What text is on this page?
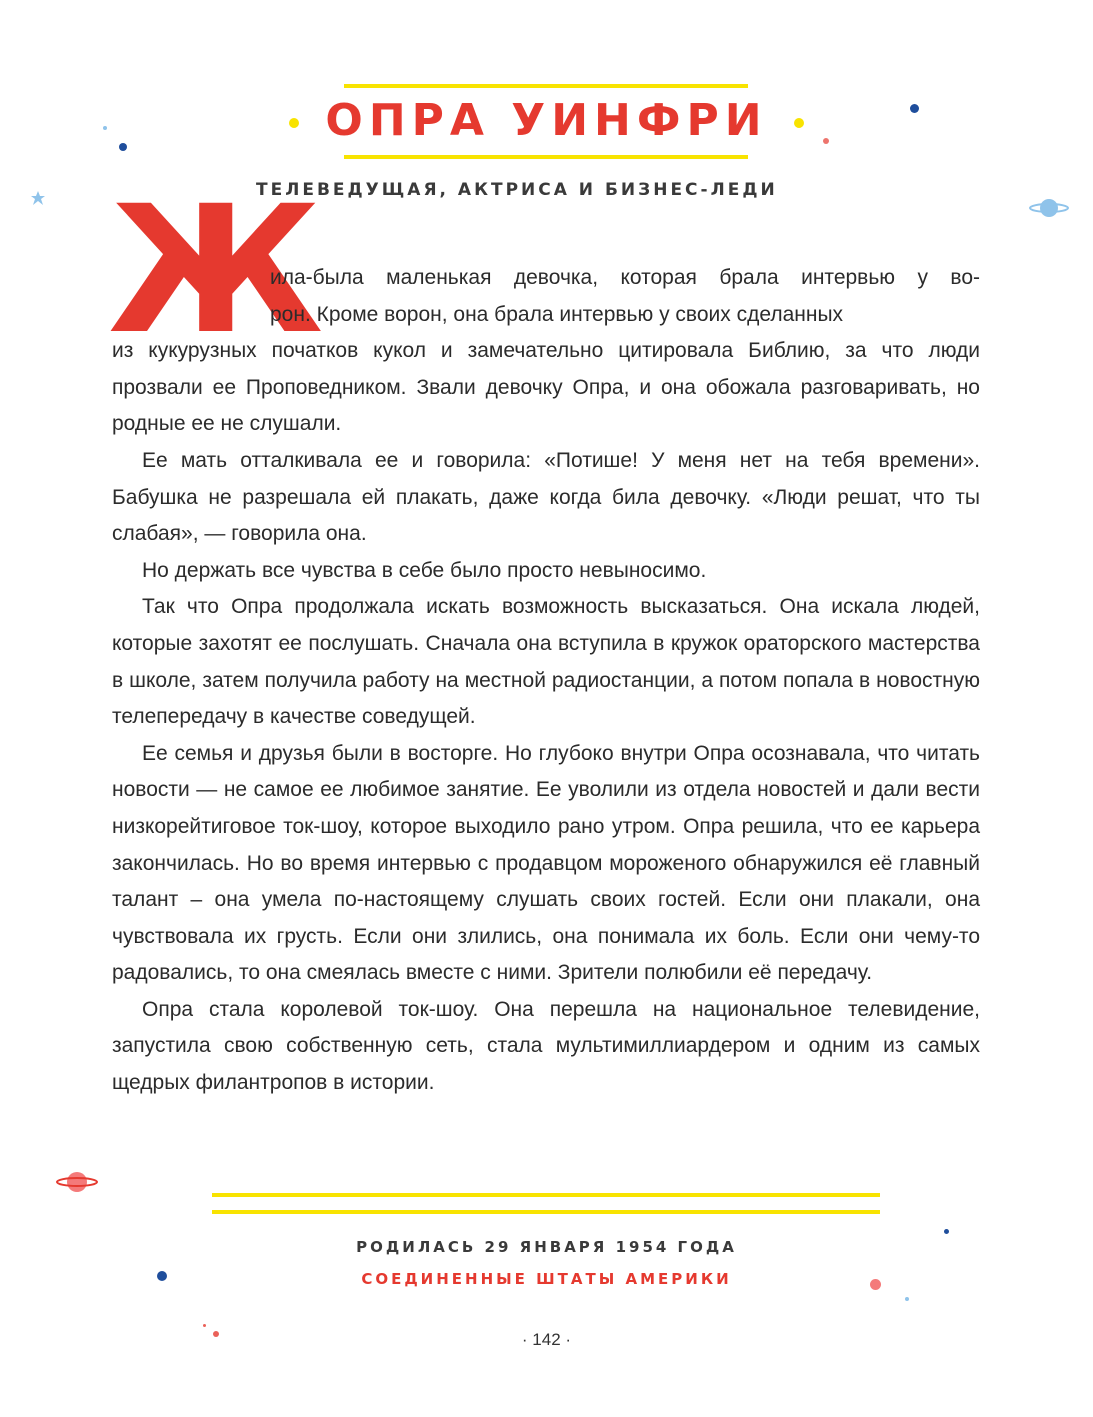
ОПРА УИНФРИ
ТЕЛЕВЕДУЩАЯ, АКТРИСА И БИЗНЕС-ЛЕДИ
Ж
ила-была маленькая девочка, которая брала интервью у во-
рон. Кроме ворон, она брала интервью у своих сделанных

из кукурузных початков кукол и замечательно цитировала Библию, за что люди прозвали ее Проповедником. Звали девочку Опра, и она обожала разговаривать, но родные ее не слушали.

Ее мать отталкивала ее и говорила: «Потише! У меня нет на тебя времени». Бабушка не разрешала ей плакать, даже когда била девочку. «Люди решат, что ты слабая», — говорила она.

Но держать все чувства в себе было просто невыносимо.

Так что Опра продолжала искать возможность высказаться. Она искала людей, которые захотят ее послушать. Сначала она вступила в кружок ораторского мастерства в школе, затем получила работу на местной радиостанции, а потом попала в новостную телепередачу в качестве соведущей.

Ее семья и друзья были в восторге. Но глубоко внутри Опра осознавала, что читать новости — не самое ее любимое занятие. Ее уволили из отдела новостей и дали вести низкорейтиговое ток-шоу, которое выходило рано утром. Опра решила, что ее карьера закончилась. Но во время интервью с продавцом мороженого обнаружился её главный талант – она умела по-настоящему слушать своих гостей. Если они плакали, она чувствовала их грусть. Если они злились, она понимала их боль. Если они чему-то радовались, то она смеялась вместе с ними. Зрители полюбили её передачу.

Опра стала королевой ток-шоу. Она перешла на национальное телевидение, запустила свою собственную сеть, стала мультимиллиардером и одним из самых щедрых филантропов в истории.

РОДИЛАСЬ 29 ЯНВАРЯ 1954 ГОДА
СОЕДИНЕННЫЕ ШТАТЫ АМЕРИКИ
· 142 ·
